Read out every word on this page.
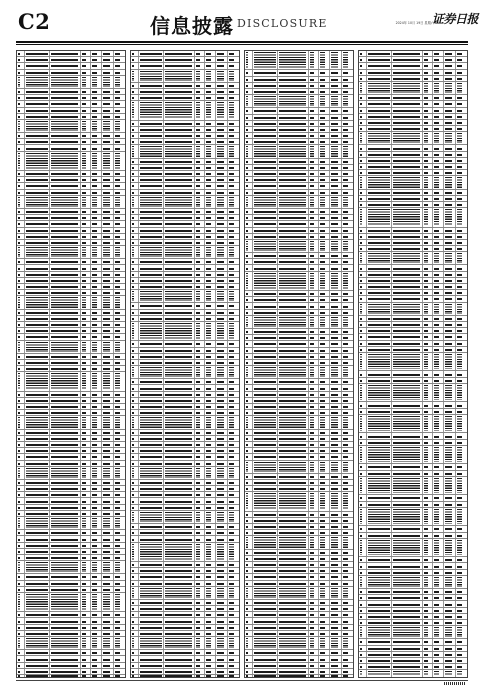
C2	信息披露 DISCLOSURE	2024年 10月 19日 星期六
证券日报
